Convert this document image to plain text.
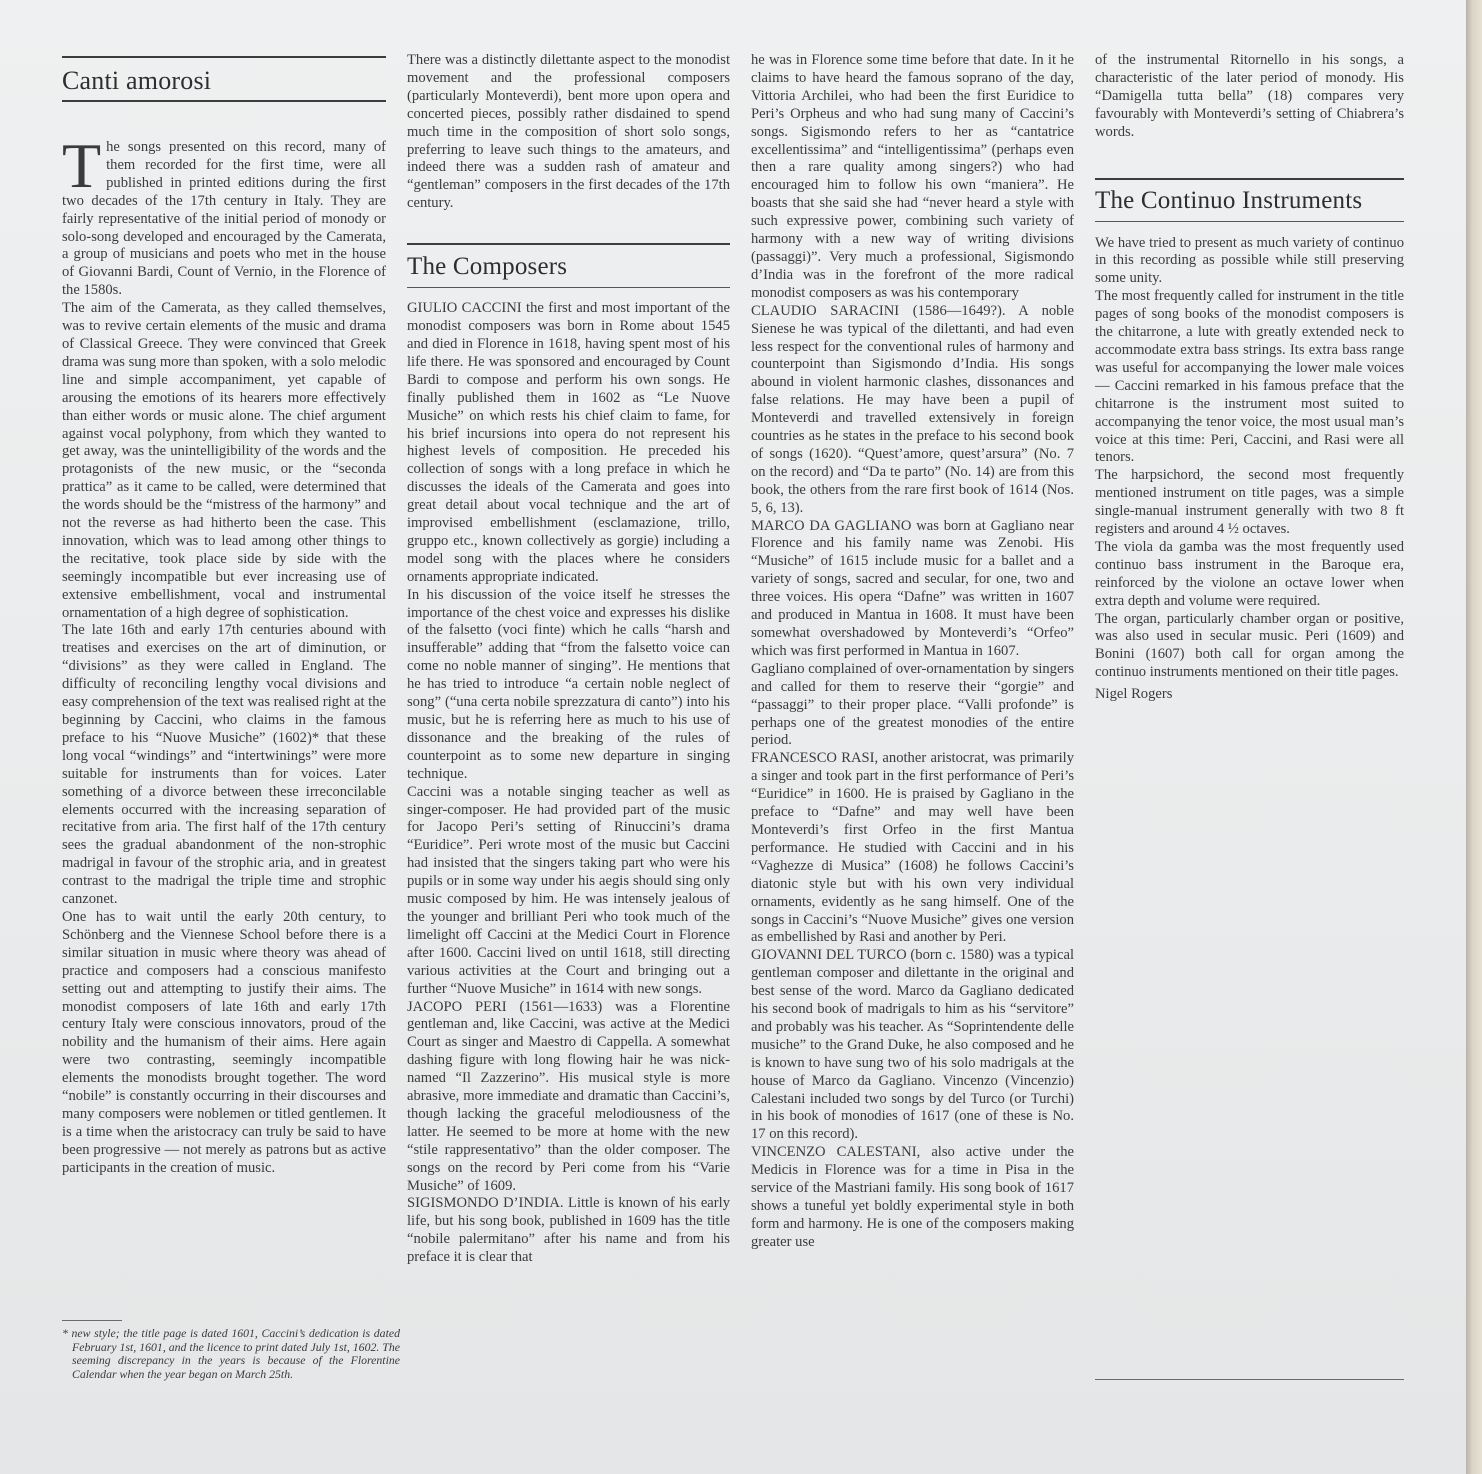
Canti amorosi

The songs presented on this record, many of them recorded for the first time, were all published in printed editions during the first two decades of the 17th century in Italy. They are fairly representative of the initial period of monody or solo-song developed and encouraged by the Camerata, a group of musicians and poets who met in the house of Giovanni Bardi, Count of Vernio, in the Florence of the 1580s.

The aim of the Camerata, as they called themselves, was to revive certain elements of the music and drama of Classical Greece. They were convinced that Greek drama was sung more than spoken, with a solo melodic line and simple accompaniment, yet capable of arousing the emotions of its hearers more effectively than either words or music alone. The chief argument against vocal polyphony, from which they wanted to get away, was the unintelligibility of the words and the protagonists of the new music, or the “seconda prattica” as it came to be called, were determined that the words should be the “mistress of the harmony” and not the reverse as had hitherto been the case. This innovation, which was to lead among other things to the recitative, took place side by side with the seemingly incompatible but ever increasing use of extensive embellishment, vocal and instrumental ornamentation of a high degree of sophistication.

The late 16th and early 17th centuries abound with treatises and exercises on the art of diminution, or “divisions” as they were called in England. The difficulty of reconciling lengthy vocal divisions and easy comprehension of the text was realised right at the beginning by Caccini, who claims in the famous preface to his “Nuove Musiche” (1602)* that these long vocal “windings” and “intertwinings” were more suitable for instruments than for voices. Later something of a divorce between these irreconcilable elements occurred with the increasing separation of recitative from aria. The first half of the 17th century sees the gradual abandonment of the non-strophic madrigal in favour of the strophic aria, and in greatest contrast to the madrigal the triple time and strophic canzonet.

One has to wait until the early 20th century, to Schönberg and the Viennese School before there is a similar situation in music where theory was ahead of practice and composers had a conscious manifesto setting out and attempting to justify their aims. The monodist composers of late 16th and early 17th century Italy were conscious innovators, proud of the nobility and the humanism of their aims. Here again were two contrasting, seemingly incompatible elements the monodists brought together. The word “nobile” is constantly occurring in their discourses and many composers were noblemen or titled gentlemen. It is a time when the aristocracy can truly be said to have been progressive — not merely as patrons but as active participants in the creation of music.

* new style; the title page is dated 1601, Caccini’s dedication is dated February 1st, 1601, and the licence to print dated July 1st, 1602. The seeming discrepancy in the years is because of the Florentine Calendar when the year began on March 25th.

There was a distinctly dilettante aspect to the monodist movement and the professional composers (particularly Monteverdi), bent more upon opera and concerted pieces, possibly rather disdained to spend much time in the composition of short solo songs, preferring to leave such things to the amateurs, and indeed there was a sudden rash of amateur and “gentleman” composers in the first decades of the 17th century.

The Composers

GIULIO CACCINI the first and most important of the monodist composers was born in Rome about 1545 and died in Florence in 1618, having spent most of his life there. He was sponsored and encouraged by Count Bardi to compose and perform his own songs. He finally published them in 1602 as “Le Nuove Musiche” on which rests his chief claim to fame, for his brief incursions into opera do not represent his highest levels of composition. He preceded his collection of songs with a long preface in which he discusses the ideals of the Camerata and goes into great detail about vocal technique and the art of improvised embellishment (esclamazione, trillo, gruppo etc., known collectively as gorgie) including a model song with the places where he considers ornaments appropriate indicated.

In his discussion of the voice itself he stresses the importance of the chest voice and expresses his dislike of the falsetto (voci finte) which he calls “harsh and insufferable” adding that “from the falsetto voice can come no noble manner of singing”. He mentions that he has tried to introduce “a certain noble neglect of song” (“una certa nobile sprezzatura di canto”) into his music, but he is referring here as much to his use of dissonance and the breaking of the rules of counterpoint as to some new departure in singing technique.

Caccini was a notable singing teacher as well as singer-composer. He had provided part of the music for Jacopo Peri’s setting of Rinuccini’s drama “Euridice”. Peri wrote most of the music but Caccini had insisted that the singers taking part who were his pupils or in some way under his aegis should sing only music composed by him. He was intensely jealous of the younger and brilliant Peri who took much of the limelight off Caccini at the Medici Court in Florence after 1600. Caccini lived on until 1618, still directing various activities at the Court and bringing out a further “Nuove Musiche” in 1614 with new songs.

JACOPO PERI (1561—1633) was a Florentine gentleman and, like Caccini, was active at the Medici Court as singer and Maestro di Cappella. A somewhat dashing figure with long flowing hair he was nick-named “Il Zazzerino”. His musical style is more abrasive, more immediate and dramatic than Caccini’s, though lacking the graceful melodiousness of the latter. He seemed to be more at home with the new “stile rappresentativo” than the older composer. The songs on the record by Peri come from his “Varie Musiche” of 1609.

SIGISMONDO D’INDIA. Little is known of his early life, but his song book, published in 1609 has the title “nobile palermitano” after his name and from his preface it is clear that

he was in Florence some time before that date. In it he claims to have heard the famous soprano of the day, Vittoria Archilei, who had been the first Euridice to Peri’s Orpheus and who had sung many of Caccini’s songs. Sigismondo refers to her as “cantatrice excellentissima” and “intelligentissima” (perhaps even then a rare quality among singers?) who had encouraged him to follow his own “maniera”. He boasts that she said she had “never heard a style with such expressive power, combining such variety of harmony with a new way of writing divisions (passaggi)”. Very much a professional, Sigismondo d’India was in the forefront of the more radical monodist composers as was his contemporary

CLAUDIO SARACINI (1586—1649?). A noble Sienese he was typical of the dilettanti, and had even less respect for the conventional rules of harmony and counterpoint than Sigismondo d’India. His songs abound in violent harmonic clashes, dissonances and false relations. He may have been a pupil of Monteverdi and travelled extensively in foreign countries as he states in the preface to his second book of songs (1620). “Quest’amore, quest’arsura” (No. 7 on the record) and “Da te parto” (No. 14) are from this book, the others from the rare first book of 1614 (Nos. 5, 6, 13).

MARCO DA GAGLIANO was born at Gagliano near Florence and his family name was Zenobi. His “Musiche” of 1615 include music for a ballet and a variety of songs, sacred and secular, for one, two and three voices. His opera “Dafne” was written in 1607 and produced in Mantua in 1608. It must have been somewhat overshadowed by Monteverdi’s “Orfeo” which was first performed in Mantua in 1607.

Gagliano complained of over-ornamentation by singers and called for them to reserve their “gorgie” and “passaggi” to their proper place. “Valli profonde” is perhaps one of the greatest monodies of the entire period.

FRANCESCO RASI, another aristocrat, was primarily a singer and took part in the first performance of Peri’s “Euridice” in 1600. He is praised by Gagliano in the preface to “Dafne” and may well have been Monteverdi’s first Orfeo in the first Mantua performance. He studied with Caccini and in his “Vaghezze di Musica” (1608) he follows Caccini’s diatonic style but with his own very individual ornaments, evidently as he sang himself. One of the songs in Caccini’s “Nuove Musiche” gives one version as embellished by Rasi and another by Peri.

GIOVANNI DEL TURCO (born c. 1580) was a typical gentleman composer and dilettante in the original and best sense of the word. Marco da Gagliano dedicated his second book of madrigals to him as his “servitore” and probably was his teacher. As “Soprintendente delle musiche” to the Grand Duke, he also composed and he is known to have sung two of his solo madrigals at the house of Marco da Gagliano. Vincenzo (Vincenzio) Calestani included two songs by del Turco (or Turchi) in his book of monodies of 1617 (one of these is No. 17 on this record).

VINCENZO CALESTANI, also active under the Medicis in Florence was for a time in Pisa in the service of the Mastriani family. His song book of 1617 shows a tuneful yet boldly experimental style in both form and harmony. He is one of the composers making greater use

of the instrumental Ritornello in his songs, a characteristic of the later period of monody. His “Damigella tutta bella” (18) compares very favourably with Monteverdi’s setting of Chiabrera’s words.

The Continuo Instruments

We have tried to present as much variety of continuo in this recording as possible while still preserving some unity.

The most frequently called for instrument in the title pages of song books of the monodist composers is the chitarrone, a lute with greatly extended neck to accommodate extra bass strings. Its extra bass range was useful for accompanying the lower male voices — Caccini remarked in his famous preface that the chitarrone is the instrument most suited to accompanying the tenor voice, the most usual man’s voice at this time: Peri, Caccini, and Rasi were all tenors.

The harpsichord, the second most frequently mentioned instrument on title pages, was a simple single-manual instrument generally with two 8 ft registers and around 4 ½ octaves.

The viola da gamba was the most frequently used continuo bass instrument in the Baroque era, reinforced by the violone an octave lower when extra depth and volume were required.

The organ, particularly chamber organ or positive, was also used in secular music. Peri (1609) and Bonini (1607) both call for organ among the continuo instruments mentioned on their title pages.

Nigel Rogers
